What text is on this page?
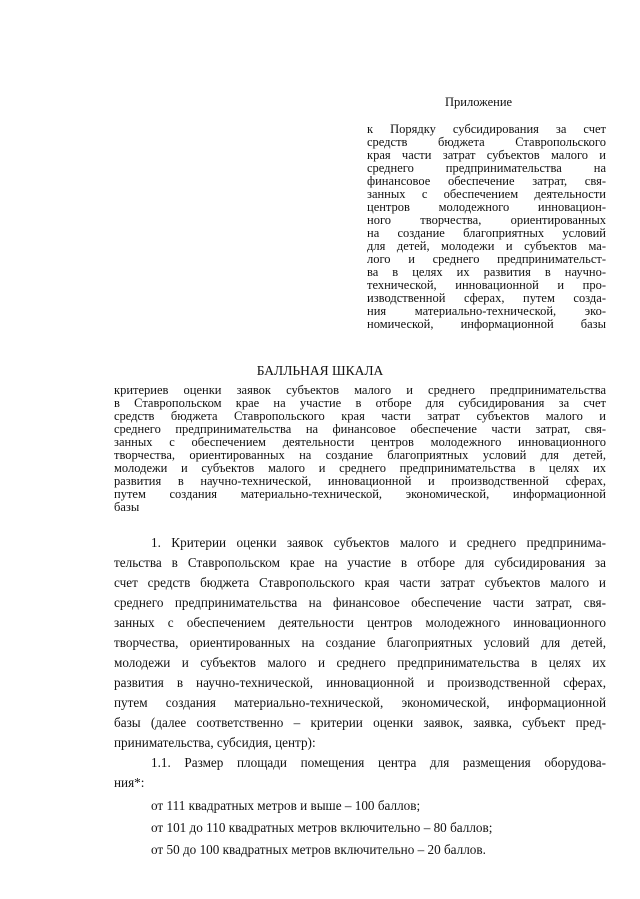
Приложение

к Порядку субсидирования за счет

средств бюджета Ставропольского

края части затрат субъектов малого и

среднего предпринимательства на

финансовое обеспечение затрат, свя-

занных с обеспечением деятельности

центров молодежного инновацион-

ного творчества, ориентированных

на создание благоприятных условий

для детей, молодежи и субъектов ма-

лого и среднего предпринимательст-

ва в целях их развития в научно-

технической, инновационной и про-

изводственной сферах, путем созда-

ния материально-технической, эко-

номической, информационной базы

БАЛЛЬНАЯ ШКАЛА

критериев оценки заявок субъектов малого и среднего предпринимательства

в Ставропольском крае на участие в отборе для субсидирования за счет

средств бюджета Ставропольского края части затрат субъектов малого и

среднего предпринимательства на финансовое обеспечение части затрат, свя-

занных с обеспечением деятельности центров молодежного инновационного

творчества, ориентированных на создание благоприятных условий для детей,

молодежи и субъектов малого и среднего предпринимательства в целях их

развития в научно-технической, инновационной и производственной сферах,

путем создания материально-технической, экономической, информационной

базы

1. Критерии оценки заявок субъектов малого и среднего предпринима-

тельства в Ставропольском крае на участие в отборе для субсидирования за

счет средств бюджета Ставропольского края части затрат субъектов малого и

среднего предпринимательства на финансовое обеспечение части затрат, свя-

занных с обеспечением деятельности центров молодежного инновационного

творчества, ориентированных на создание благоприятных условий для детей,

молодежи и субъектов малого и среднего предпринимательства в целях их

развития в научно-технической, инновационной и производственной сферах,

путем создания материально-технической, экономической, информационной

базы (далее соответственно – критерии оценки заявок, заявка, субъект пред-

принимательства, субсидия, центр):

1.1. Размер площади помещения центра для размещения оборудова-

ния*:

от 111 квадратных метров и выше – 100 баллов;

от 101 до 110 квадратных метров включительно – 80 баллов;

от 50 до 100 квадратных метров включительно – 20 баллов.
